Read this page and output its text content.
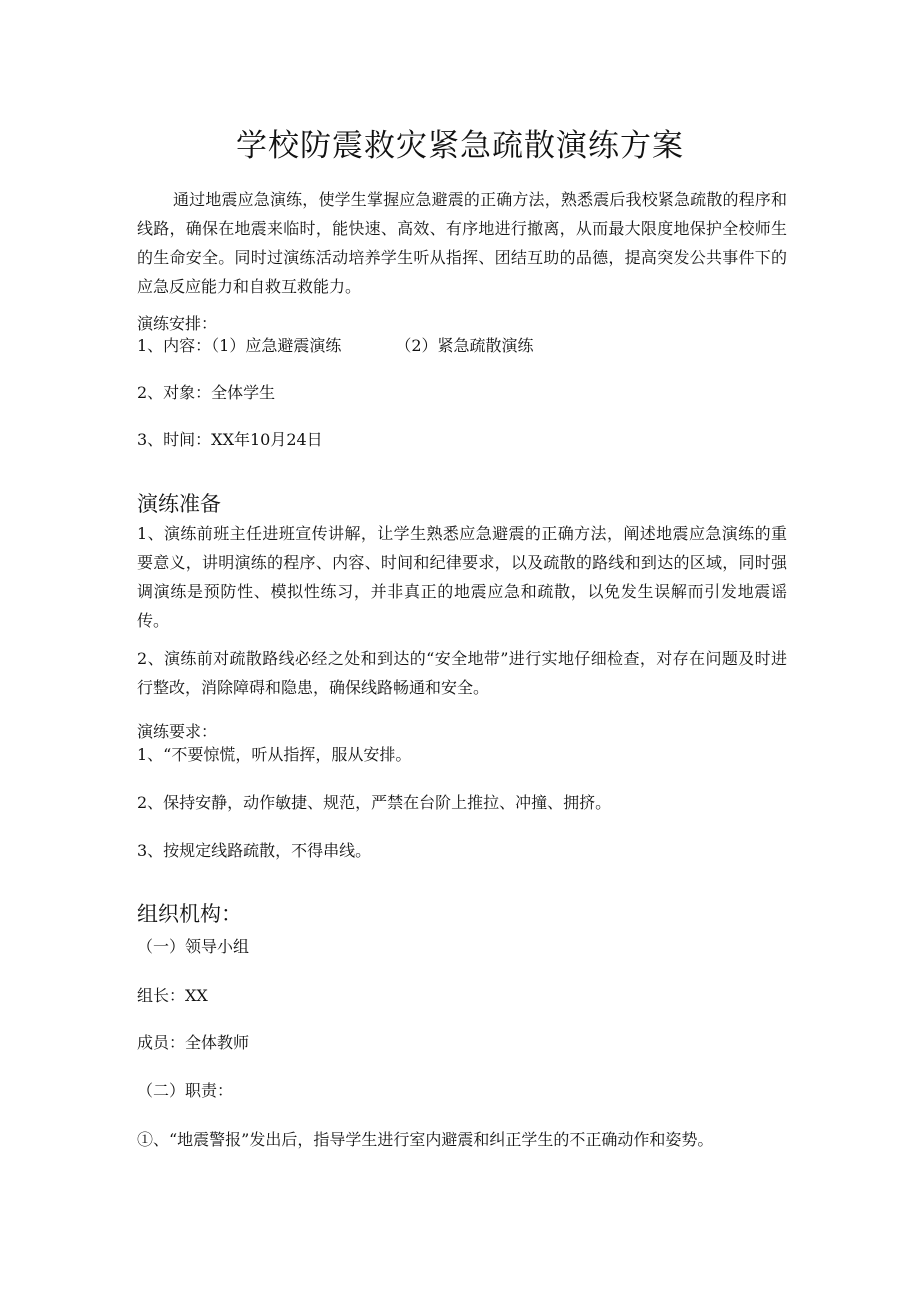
学校防震救灾紧急疏散演练方案

通过地震应急演练，使学生掌握应急避震的正确方法，熟悉震后我校紧急疏散的程序和线路，确保在地震来临时，能快速、高效、有序地进行撤离，从而最大限度地保护全校师生的生命安全。同时过演练活动培养学生听从指挥、团结互助的品德，提高突发公共事件下的应急反应能力和自救互救能力。

演练安排：

1、内容：（1）应急避震演练	（2）紧急疏散演练

2、对象：全体学生

3、时间：XX年10月24日

演练准备

1、演练前班主任进班宣传讲解，让学生熟悉应急避震的正确方法，阐述地震应急演练的重要意义，讲明演练的程序、内容、时间和纪律要求，以及疏散的路线和到达的区域，同时强调演练是预防性、模拟性练习，并非真正的地震应急和疏散，以免发生误解而引发地震谣传。

2、演练前对疏散路线必经之处和到达的“安全地带”进行实地仔细检查，对存在问题及时进行整改，消除障碍和隐患，确保线路畅通和安全。

演练要求：

1、“不要惊慌，听从指挥，服从安排。

2、保持安静，动作敏捷、规范，严禁在台阶上推拉、冲撞、拥挤。

3、按规定线路疏散，不得串线。

组织机构：

（一）领导小组

组长：XX

成员：全体教师

（二）职责：

①、“地震警报”发出后，指导学生进行室内避震和纠正学生的不正确动作和姿势。
